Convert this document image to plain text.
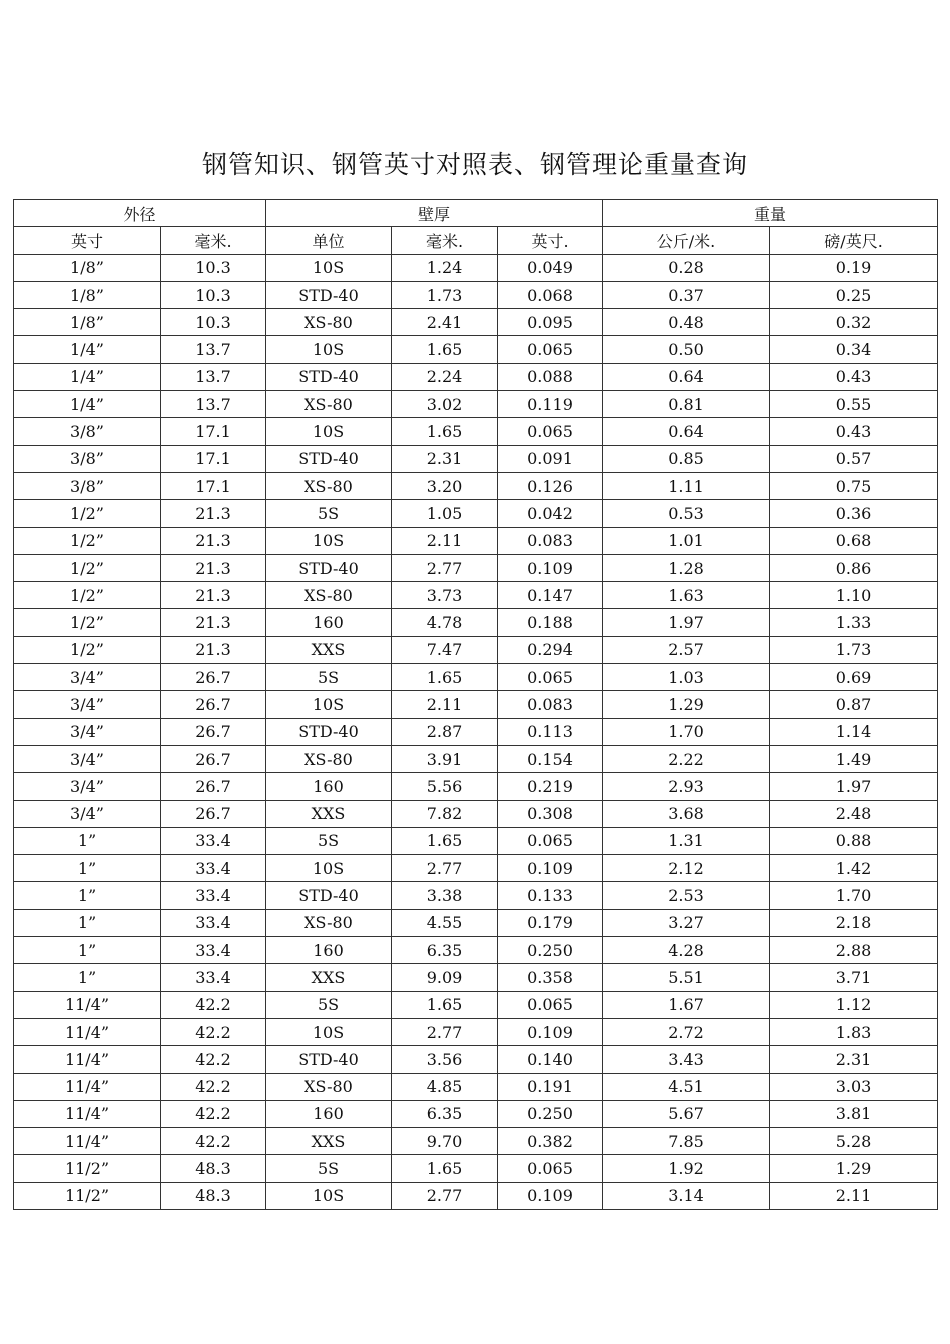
钢管知识、钢管英寸对照表、钢管理论重量查询
外径		壁厚			重量	
英寸	毫米.	单位	毫米.	英寸.	公斤/米.	磅/英尺.
1/8”	10.3	10S	1.24	0.049	0.28	0.19
1/8”	10.3	STD-40	1.73	0.068	0.37	0.25
1/8”	10.3	XS-80	2.41	0.095	0.48	0.32
1/4”	13.7	10S	1.65	0.065	0.50	0.34
1/4”	13.7	STD-40	2.24	0.088	0.64	0.43
1/4”	13.7	XS-80	3.02	0.119	0.81	0.55
3/8”	17.1	10S	1.65	0.065	0.64	0.43
3/8”	17.1	STD-40	2.31	0.091	0.85	0.57
3/8”	17.1	XS-80	3.20	0.126	1.11	0.75
1/2”	21.3	5S	1.05	0.042	0.53	0.36
1/2”	21.3	10S	2.11	0.083	1.01	0.68
1/2”	21.3	STD-40	2.77	0.109	1.28	0.86
1/2”	21.3	XS-80	3.73	0.147	1.63	1.10
1/2”	21.3	160	4.78	0.188	1.97	1.33
1/2”	21.3	XXS	7.47	0.294	2.57	1.73
3/4”	26.7	5S	1.65	0.065	1.03	0.69
3/4”	26.7	10S	2.11	0.083	1.29	0.87
3/4”	26.7	STD-40	2.87	0.113	1.70	1.14
3/4”	26.7	XS-80	3.91	0.154	2.22	1.49
3/4”	26.7	160	5.56	0.219	2.93	1.97
3/4”	26.7	XXS	7.82	0.308	3.68	2.48
1”	33.4	5S	1.65	0.065	1.31	0.88
1”	33.4	10S	2.77	0.109	2.12	1.42
1”	33.4	STD-40	3.38	0.133	2.53	1.70
1”	33.4	XS-80	4.55	0.179	3.27	2.18
1”	33.4	160	6.35	0.250	4.28	2.88
1”	33.4	XXS	9.09	0.358	5.51	3.71
11/4”	42.2	5S	1.65	0.065	1.67	1.12
11/4”	42.2	10S	2.77	0.109	2.72	1.83
11/4”	42.2	STD-40	3.56	0.140	3.43	2.31
11/4”	42.2	XS-80	4.85	0.191	4.51	3.03
11/4”	42.2	160	6.35	0.250	5.67	3.81
11/4”	42.2	XXS	9.70	0.382	7.85	5.28
11/2”	48.3	5S	1.65	0.065	1.92	1.29
11/2”	48.3	10S	2.77	0.109	3.14	2.11
